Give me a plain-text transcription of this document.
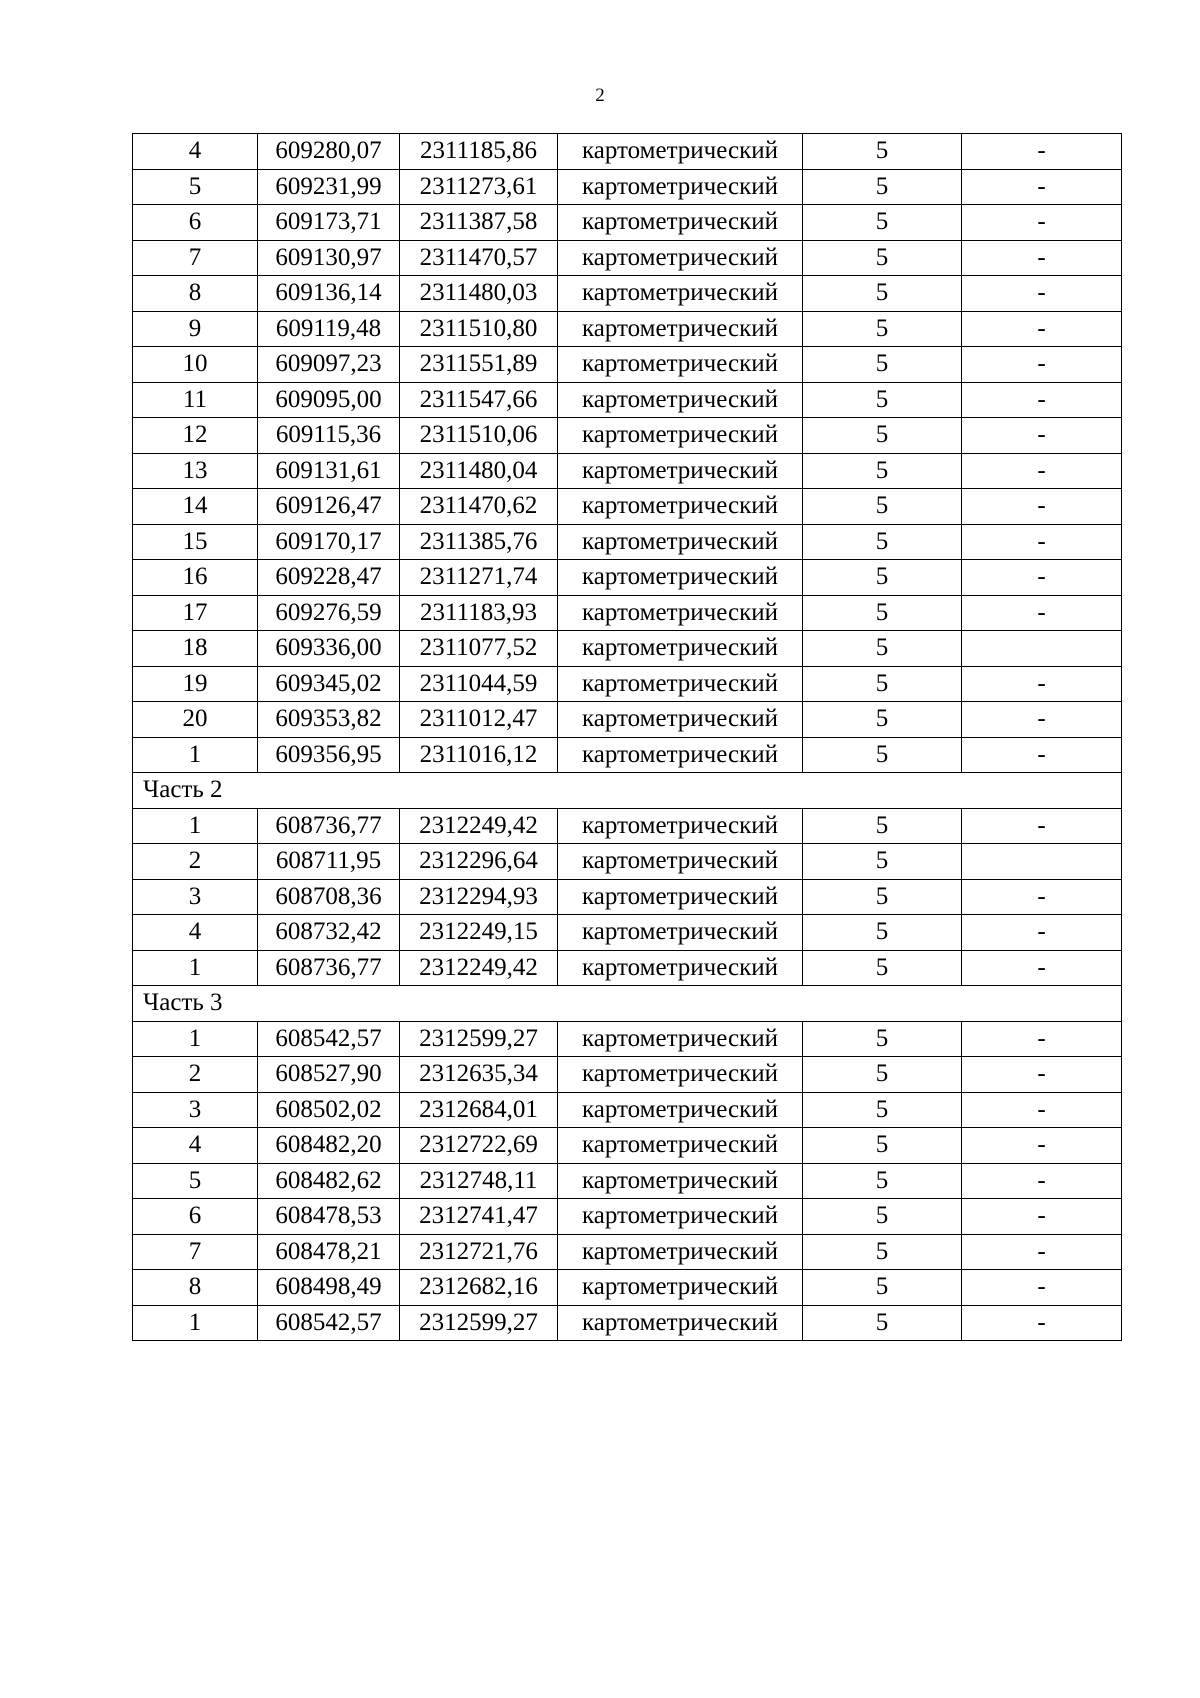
2
4	609280,07	2311185,86	картометрический	5	-
5	609231,99	2311273,61	картометрический	5	-
6	609173,71	2311387,58	картометрический	5	-
7	609130,97	2311470,57	картометрический	5	-
8	609136,14	2311480,03	картометрический	5	-
9	609119,48	2311510,80	картометрический	5	-
10	609097,23	2311551,89	картометрический	5	-
11	609095,00	2311547,66	картометрический	5	-
12	609115,36	2311510,06	картометрический	5	-
13	609131,61	2311480,04	картометрический	5	-
14	609126,47	2311470,62	картометрический	5	-
15	609170,17	2311385,76	картометрический	5	-
16	609228,47	2311271,74	картометрический	5	-
17	609276,59	2311183,93	картометрический	5	-
18	609336,00	2311077,52	картометрический	5	
19	609345,02	2311044,59	картометрический	5	-
20	609353,82	2311012,47	картометрический	5	-
1	609356,95	2311016,12	картометрический	5	-
Часть 2					
1	608736,77	2312249,42	картометрический	5	-
2	608711,95	2312296,64	картометрический	5	
3	608708,36	2312294,93	картометрический	5	-
4	608732,42	2312249,15	картометрический	5	-
1	608736,77	2312249,42	картометрический	5	-
Часть 3					
1	608542,57	2312599,27	картометрический	5	-
2	608527,90	2312635,34	картометрический	5	-
3	608502,02	2312684,01	картометрический	5	-
4	608482,20	2312722,69	картометрический	5	-
5	608482,62	2312748,11	картометрический	5	-
6	608478,53	2312741,47	картометрический	5	-
7	608478,21	2312721,76	картометрический	5	-
8	608498,49	2312682,16	картометрический	5	-
1	608542,57	2312599,27	картометрический	5	-
